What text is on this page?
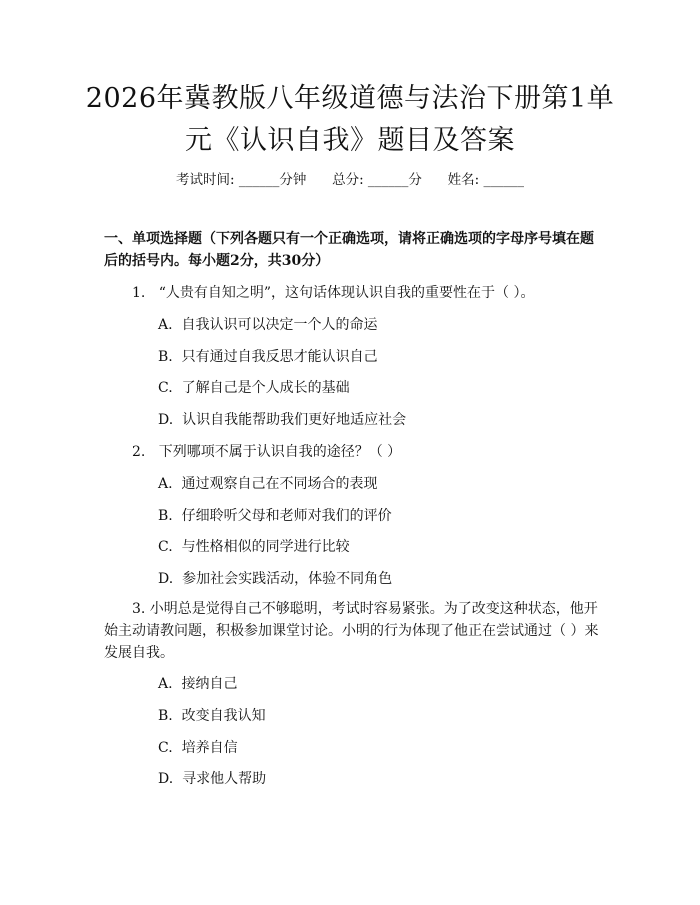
2026年冀教版八年级道德与法治下册第1单元《认识自我》题目及答案
考试时间: ______分钟      总分: ______分      姓名: ______

一、单项选择题（下列各题只有一个正确选项，请将正确选项的字母序号填在题后的括号内。每小题2分，共30分）

1.   “人贵有自知之明”，这句话体现认识自我的重要性在于（ ）。
A.  自我认识可以决定一个人的命运
B.  只有通过自我反思才能认识自己
C.  了解自己是个人成长的基础
D.  认识自我能帮助我们更好地适应社会
2.   下列哪项不属于认识自我的途径？（ ）
A.  通过观察自己在不同场合的表现
B.  仔细聆听父母和老师对我们的评价
C.  与性格相似的同学进行比较
D.  参加社会实践活动，体验不同角色
3. 小明总是觉得自己不够聪明，考试时容易紧张。为了改变这种状态，他开始主动请教问题，积极参加课堂讨论。小明的行为体现了他正在尝试通过（ ）来发展自我。
A.  接纳自己
B.  改变自我认知
C.  培养自信
D.  寻求他人帮助
